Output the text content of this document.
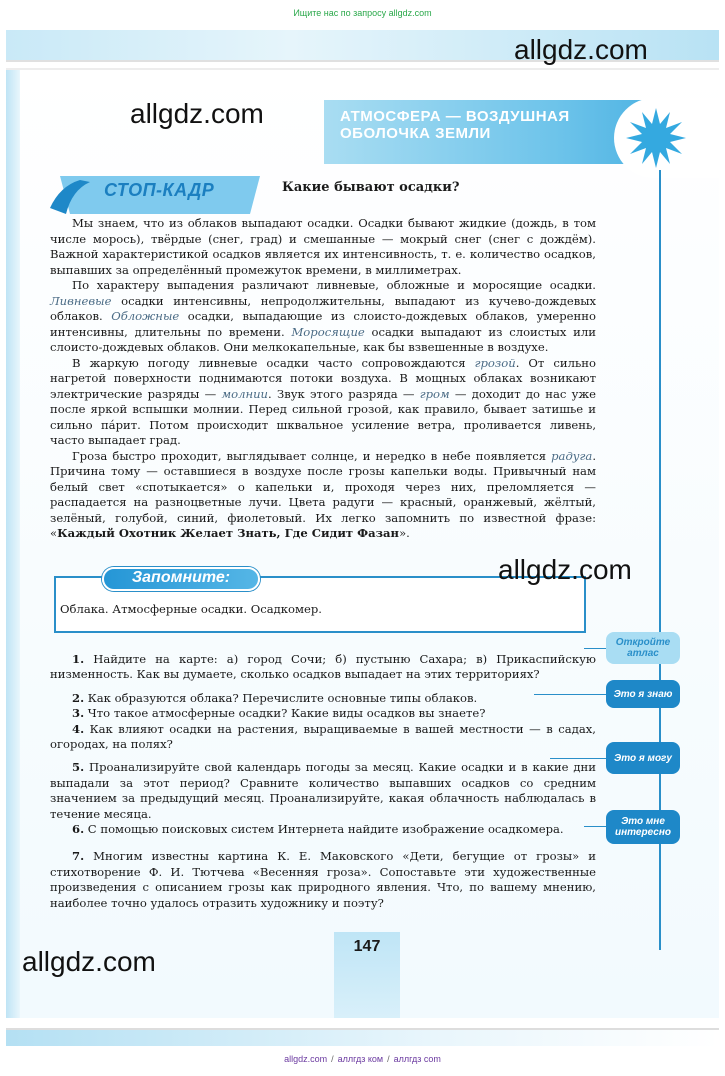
Ищите нас по запросу allgdz.com
АТМОСФЕРА — ВОЗДУШНАЯ
ОБОЛОЧКА ЗЕМЛИ
СТОП-КАДР	Какие бывают осадки?

Мы знаем, что из облаков выпадают осадки. Осадки бывают жидкие (дождь, в том числе морось), твёрдые (снег, град) и смешанные — мокрый снег (снег с дождём). Важной характеристикой осадков является их интенсивность, т. е. количество осадков, выпавших за определённый промежуток времени, в миллиметрах.

По характеру выпадения различают ливневые, обложные и моросящие осадки. Ливневые осадки интенсивны, непродолжительны, выпадают из кучево-дождевых облаков. Обложные осадки, выпадающие из слоисто-дождевых облаков, умеренно интенсивны, длительны по времени. Моросящие осадки выпадают из слоистых или слоисто-дождевых облаков. Они мелкокапельные, как бы взвешенные в воздухе.

В жаркую погоду ливневые осадки часто сопровождаются грозой. От сильно нагретой поверхности поднимаются потоки воздуха. В мощных облаках возникают электрические разряды — молнии. Звук этого разряда — гром — доходит до нас уже после яркой вспышки молнии. Перед сильной грозой, как правило, бывает затишье и сильно пáрит. Потом происходит шквальное усиление ветра, проливается ливень, часто выпадает град.

Гроза быстро проходит, выглядывает солнце, и нередко в небе появляется радуга. Причина тому — оставшиеся в воздухе после грозы капельки воды. Привычный нам белый свет «спотыкается» о капельки и, проходя через них, преломляется — распадается на разноцветные лучи. Цвета радуги — красный, оранжевый, жёлтый, зелёный, голубой, синий, фиолетовый. Их легко запомнить по известной фразе: «Каждый Охотник Желает Знать, Где Сидит Фазан».

Запомните:
Облака. Атмосферные осадки. Осадкомер.
1. Найдите на карте: а) город Сочи; б) пустыню Сахара; в) Прикаспийскую низменность. Как вы думаете, сколько осадков выпадает на этих территориях?
2. Как образуются облака? Перечислите основные типы облаков.
3. Что такое атмосферные осадки? Какие виды осадков вы знаете?
4. Как влияют осадки на растения, выращиваемые в вашей местности — в садах, огородах, на полях?
5. Проанализируйте свой календарь погоды за месяц. Какие осадки и в какие дни выпадали за этот период? Сравните количество выпавших осадков со средним значением за предыдущий месяц. Проанализируйте, какая облачность наблюдалась в течение месяца.
6. С помощью поисковых систем Интернета найдите изображение осадкомера.
7. Многим известны картина К. Е. Маковского «Дети, бегущие от грозы» и стихотворение Ф. И. Тютчева «Весенняя гроза». Сопоставьте эти художественные произведения с описанием грозы как природного явления. Что, по вашему мнению, наиболее точно удалось отразить художнику и поэту?
Откройте
атлас
Это я знаю
Это я могу
Это мне
интересно
147
allgdz.com
allgdz.com
allgdz.com
allgdz.com
allgdz.com / аллгдз ком / аллгдз com
